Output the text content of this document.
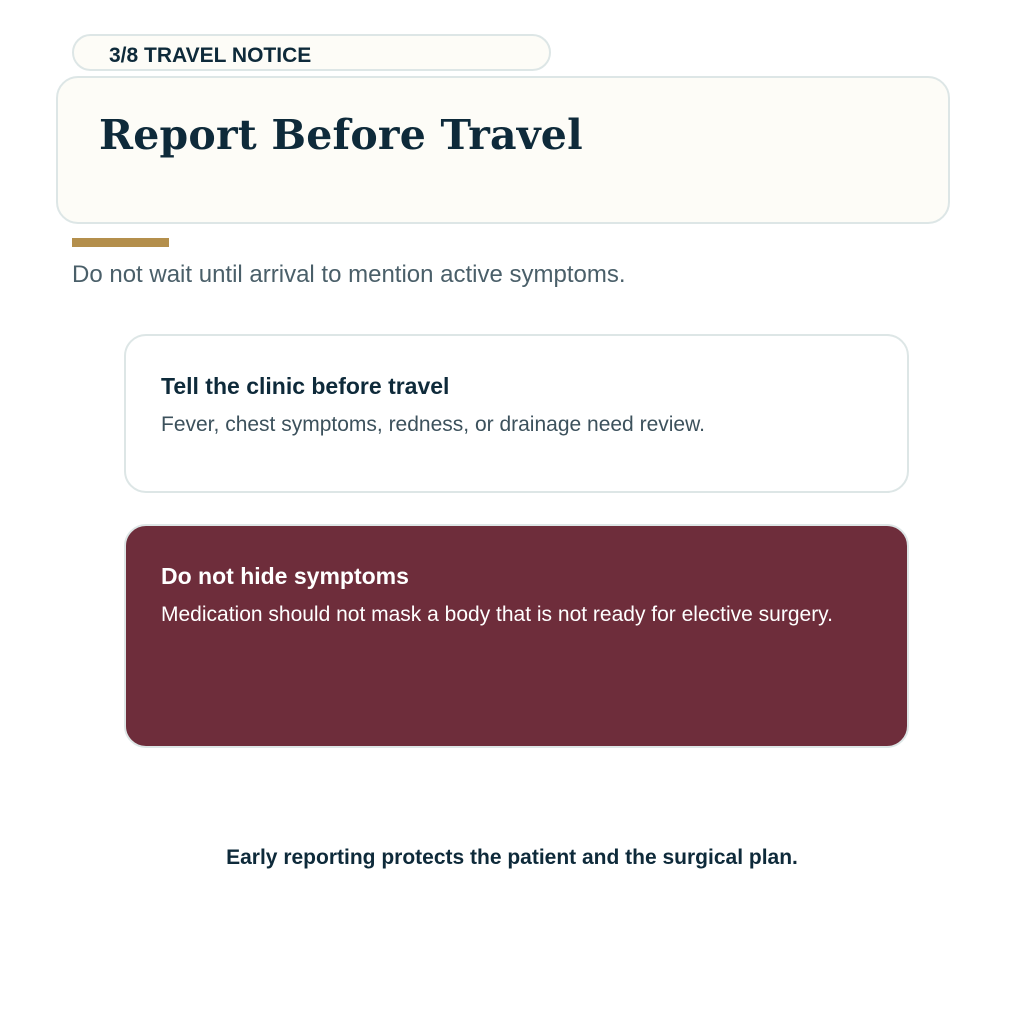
3/8 TRAVEL NOTICE
Report Before Travel
Do not wait until arrival to mention active symptoms.
Tell the clinic before travel
Fever, chest symptoms, redness, or drainage need review.
Do not hide symptoms
Medication should not mask a body that is not ready for elective surgery.
Early reporting protects the patient and the surgical plan.
